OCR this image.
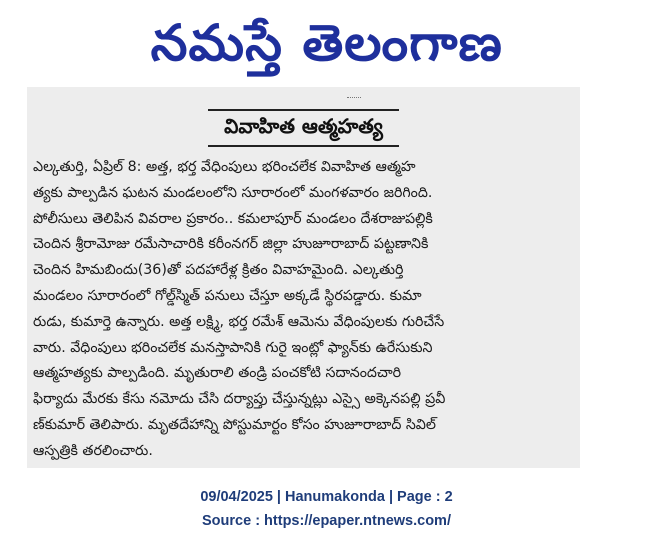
నమస్తే తెలంగాణ
వివాహిత ఆత్మహత్య
ఎల్కతుర్తి, ఏప్రిల్ 8: అత్త, భర్త వేధింపులు భరించలేక వివాహిత ఆత్మహ
త్యకు పాల్పడిన ఘటన మండలంలోని సూరారంలో మంగళవారం జరిగింది.
పోలీసులు తెలిపిన వివరాల ప్రకారం.. కమలాపూర్ మండలం దేశరాజుపల్లికి
చెందిన శ్రీరామోజు రమేసాచారికి కరీంనగర్ జిల్లా హుజూరాబాద్ పట్టణానికి
చెందిన హిమబిందు(36)తో పదహారేళ్ల క్రితం వివాహమైంది. ఎల్కతుర్తి
మండలం సూరారంలో గోల్డ్‌స్మిత్ పనులు చేస్తూ అక్కడే స్థిరపడ్డారు. కుమా
రుడు, కుమార్తె ఉన్నారు. అత్త లక్ష్మి, భర్త రమేశ్ ఆమెను వేధింపులకు గురిచేసే
వారు. వేధింపులు భరించలేక మనస్తాపానికి గురై ఇంట్లో ఫ్యాన్‌కు ఉరేసుకుని
ఆత్మహత్యకు పాల్పడింది. మృతురాలి తండ్రి పంచకోటి సదానందచారి
ఫిర్యాదు మేరకు కేసు నమోదు చేసి దర్యాప్తు చేస్తున్నట్లు ఎస్సై అక్కెనపల్లి ప్రవీ
ణ్‌కుమార్ తెలిపారు. మృతదేహాన్ని పోస్టుమార్టం కోసం హుజూరాబాద్ సివిల్
ఆస్పత్రికి తరలించారు.
09/04/2025 | Hanumakonda | Page : 2
Source : https://epaper.ntnews.com/
